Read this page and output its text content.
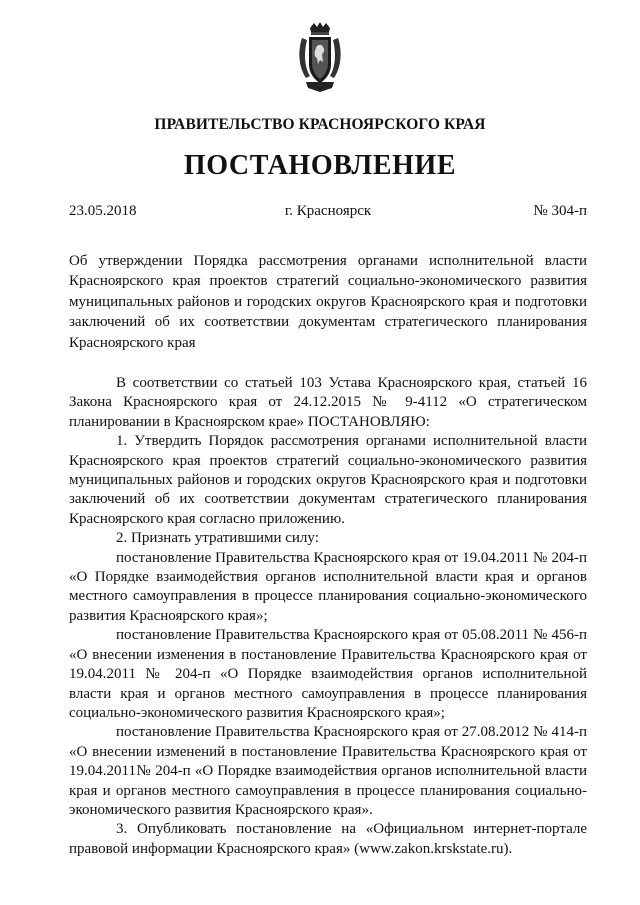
ПРАВИТЕЛЬСТВО КРАСНОЯРСКОГО КРАЯ
ПОСТАНОВЛЕНИЕ
23.05.2018	г. Красноярск	№ 304-п
Об утверждении Порядка рассмотрения органами исполнительной власти Красноярского края проектов стратегий социально-экономического развития муниципальных районов и городских округов Красноярского края и подготовки заключений об их соответствии документам стратегического планирования Красноярского края

В соответствии со статьей 103 Устава Красноярского края, статьей 16 Закона Красноярского края от 24.12.2015 № 9-4112 «О стратегическом планировании в Красноярском крае» ПОСТАНОВЛЯЮ:

1. Утвердить Порядок рассмотрения органами исполнительной власти Красноярского края проектов стратегий социально-экономического развития муниципальных районов и городских округов Красноярского края и подготовки заключений об их соответствии документам стратегического планирования Красноярского края согласно приложению.

2. Признать утратившими силу:

постановление Правительства Красноярского края от 19.04.2011 № 204-п «О Порядке взаимодействия органов исполнительной власти края и органов местного самоуправления в процессе планирования социально-экономического развития Красноярского края»;

постановление Правительства Красноярского края от 05.08.2011 № 456-п «О внесении изменения в постановление Правительства Красноярского края от 19.04.2011 № 204-п «О Порядке взаимодействия органов исполнительной власти края и органов местного самоуправления в процессе планирования социально-экономического развития Красноярского края»;

постановление Правительства Красноярского края от 27.08.2012 № 414-п «О внесении изменений в постановление Правительства Красноярского края от 19.04.2011№ 204-п «О Порядке взаимодействия органов исполнительной власти края и органов местного самоуправления в процессе планирования социально-экономического развития Красноярского края».

3. Опубликовать постановление на «Официальном интернет-портале правовой информации Красноярского края» (www.zakon.krskstate.ru).
